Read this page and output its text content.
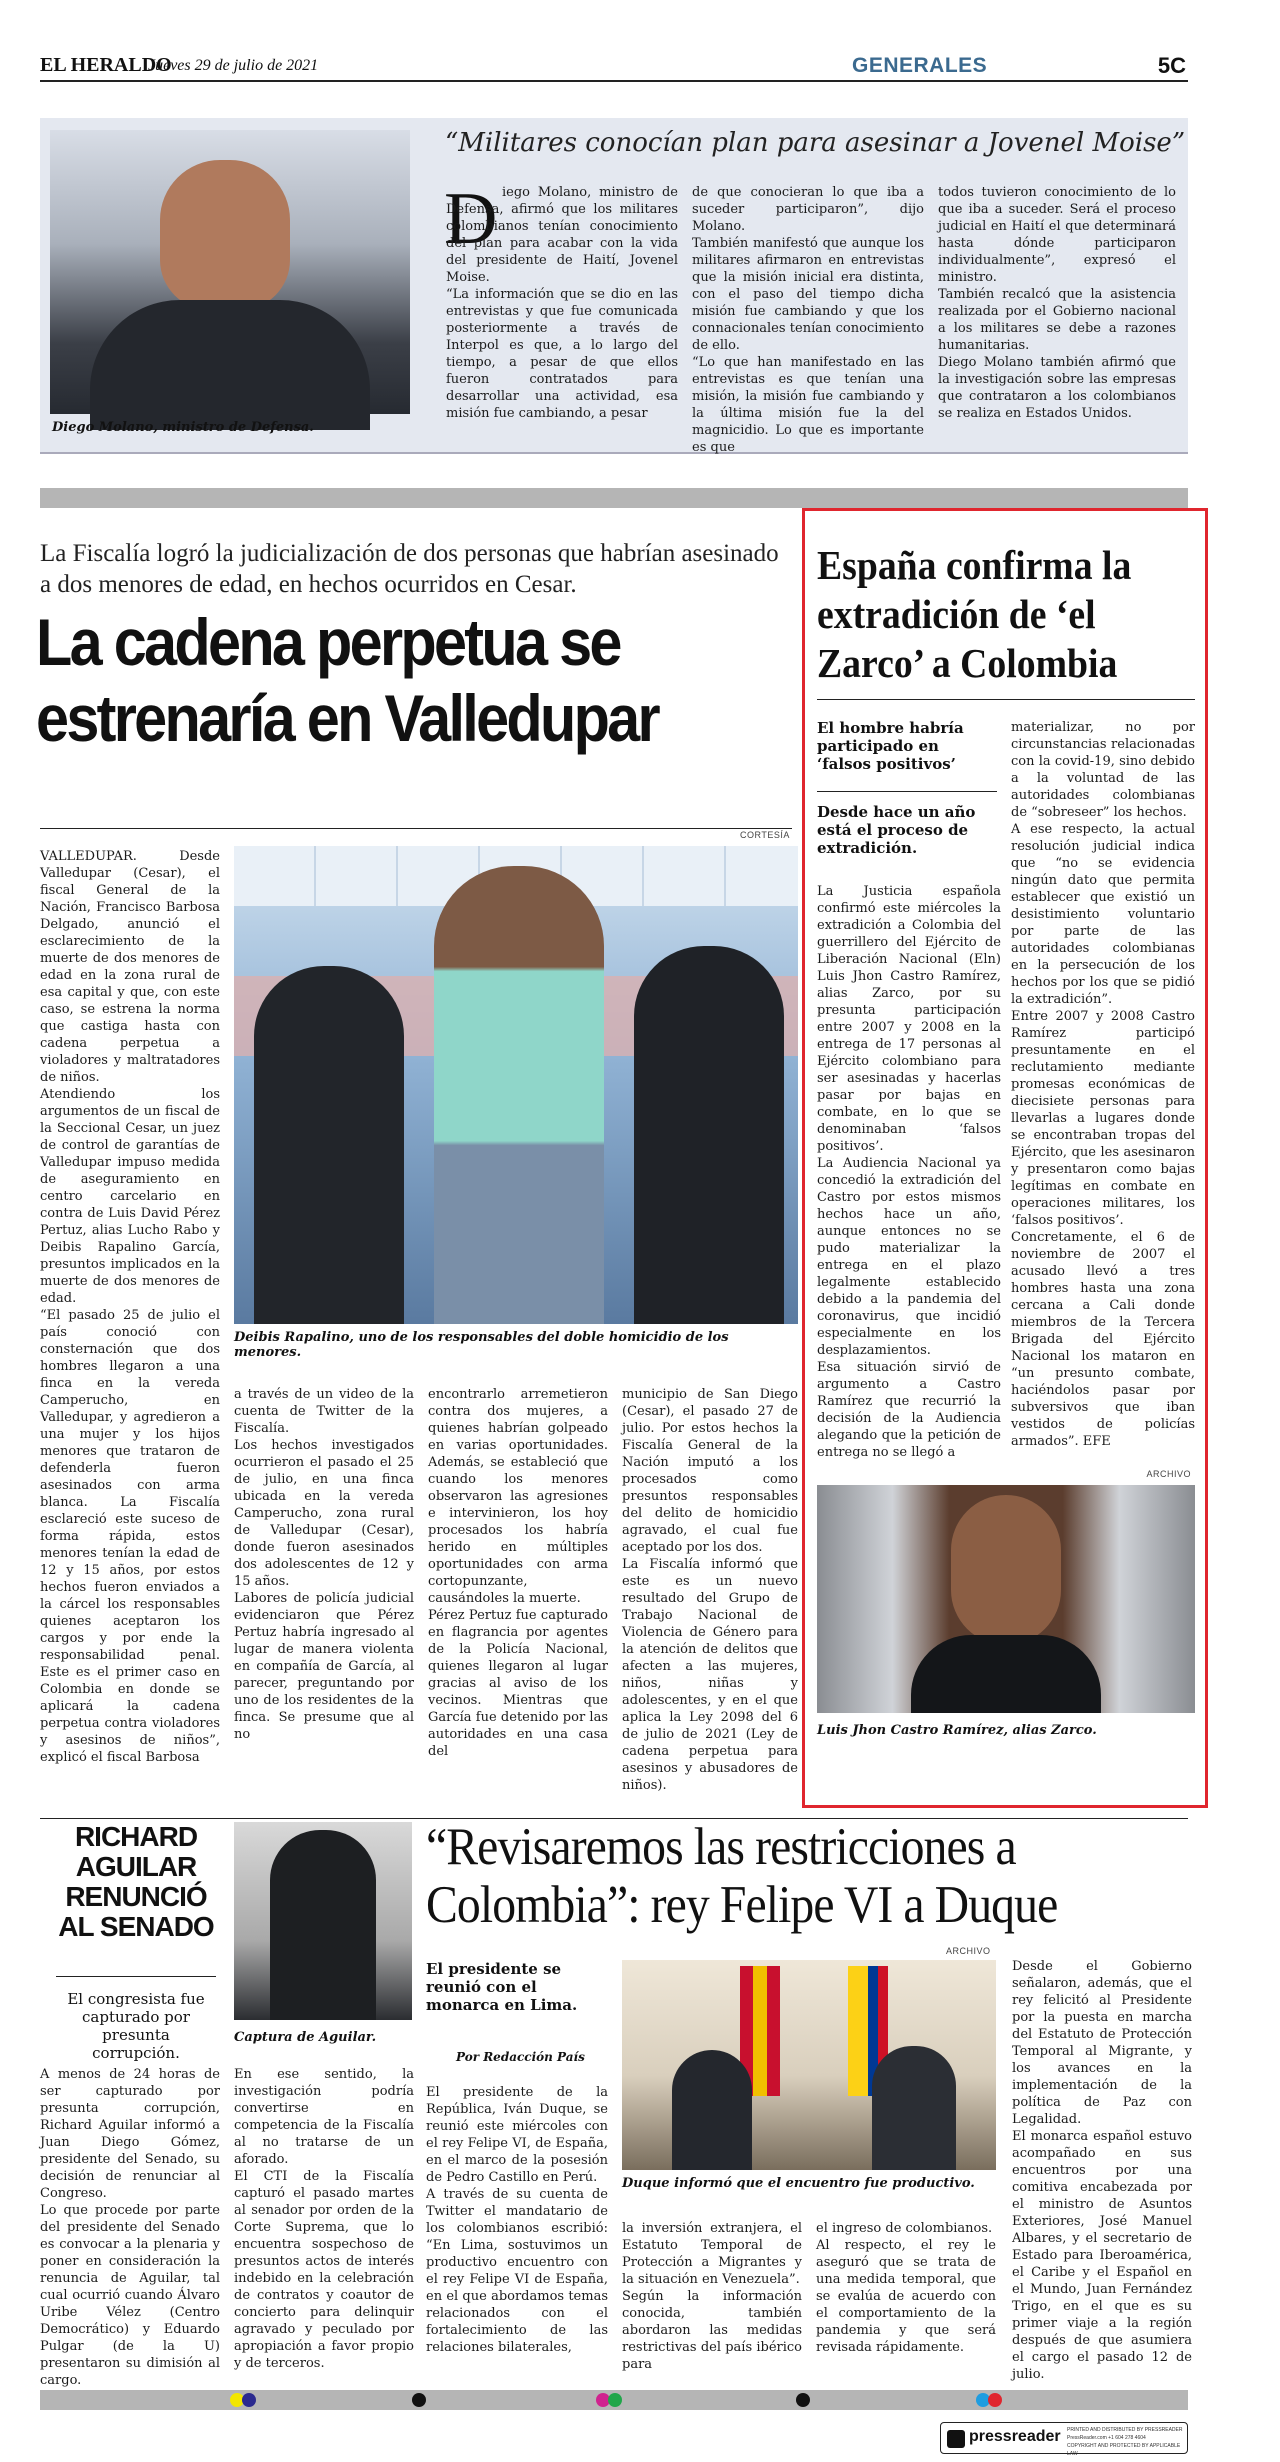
EL HERALDO
Jueves 29 de julio de 2021	GENERALES	5C
Diego Molano, ministro de Defensa.
“Militares conocían plan para asesinar a Jovenel Moise”
D iego Molano, ministro de Defensa, afirmó que los militares colombianos tenían conocimiento del plan para acabar con la vida del presidente de Haití, Jovenel Moise.
“La información que se dio en las entrevistas y que fue comunicada posteriormente a través de Interpol es que, a lo largo del tiempo, a pesar de que ellos fueron contratados para desarrollar una actividad, esa misión fue cambiando, a pesar
de que conocieran lo que iba a suceder participaron”, dijo Molano.
También manifestó que aunque los militares afirmaron en entrevistas que la misión inicial era distinta, con el paso del tiempo dicha misión fue cambiando y que los connacionales tenían conocimiento de ello.
“Lo que han manifestado en las entrevistas es que tenían una misión, la misión fue cambiando y la última misión fue la del magnicidio. Lo que es importante es que
todos tuvieron conocimiento de lo que iba a suceder. Será el proceso judicial en Haití el que determinará hasta dónde participaron individualmente”, expresó el ministro.
También recalcó que la asistencia realizada por el Gobierno nacional a los militares se debe a razones humanitarias.
Diego Molano también afirmó que la investigación sobre las empresas que contrataron a los colombianos se realiza en Estados Unidos.
La Fiscalía logró la judicialización de dos personas que habrían asesinado a dos menores de edad, en hechos ocurridos en Cesar.
La cadena perpetua se
estrenaría en Valledupar
CORTESÍA
Deibis Rapalino, uno de los responsables del doble homicidio de los menores.
VALLEDUPAR. Desde Valledupar (Cesar), el fiscal General de la Nación, Francisco Barbosa Delgado, anunció el esclarecimiento de la muerte de dos menores de edad en la zona rural de esa capital y que, con este caso, se estrena la norma que castiga hasta con cadena perpetua a violadores y maltratadores de niños.
Atendiendo los argumentos de un fiscal de la Seccional Cesar, un juez de control de garantías de Valledupar impuso medida de aseguramiento en centro carcelario en contra de Luis David Pérez Pertuz, alias Lucho Rabo y Deibis Rapalino García, presuntos implicados en la muerte de dos menores de edad.
“El pasado 25 de julio el país conoció con consternación que dos hombres llegaron a una finca en la vereda Camperucho, en Valledupar, y agredieron a una mujer y los hijos menores que trataron de defenderla fueron asesinados con arma blanca. La Fiscalía esclareció este suceso de forma rápida, estos menores tenían la edad de 12 y 15 años, por estos hechos fueron enviados a la cárcel los responsables quienes aceptaron los cargos y por ende la responsabilidad penal. Este es el primer caso en Colombia en donde se aplicará la cadena perpetua contra violadores y asesinos de niños”, explicó el fiscal Barbosa
a través de un video de la cuenta de Twitter de la Fiscalía.
Los hechos investigados ocurrieron el pasado el 25 de julio, en una finca ubicada en la vereda Camperucho, zona rural de Valledupar (Cesar), donde fueron asesinados dos adolescentes de 12 y 15 años.
Labores de policía judicial evidenciaron que Pérez Pertuz habría ingresado al lugar de manera violenta en compañía de García, al parecer, preguntando por uno de los residentes de la finca. Se presume que al no
encontrarlo arremetieron contra dos mujeres, a quienes habrían golpeado en varias oportunidades. Además, se estableció que cuando los menores observaron las agresiones e intervinieron, los hoy procesados los habría herido en múltiples oportunidades con arma cortopunzante, causándoles la muerte.
Pérez Pertuz fue capturado en flagrancia por agentes de la Policía Nacional, quienes llegaron al lugar gracias al aviso de los vecinos. Mientras que García fue detenido por las autoridades en una casa del
municipio de San Diego (Cesar), el pasado 27 de julio. Por estos hechos la Fiscalía General de la Nación imputó a los procesados como presuntos responsables del delito de homicidio agravado, el cual fue aceptado por los dos.
La Fiscalía informó que este es un nuevo resultado del Grupo de Trabajo Nacional de Violencia de Género para la atención de delitos que afecten a las mujeres, niños, niñas y adolescentes, y en el que aplica la Ley 2098 del 6 de julio de 2021 (Ley de cadena perpetua para asesinos y abusadores de niños).
España confirma la extradición de ‘el Zarco’ a Colombia
El hombre habría participado en ‘falsos positivos’
Desde hace un año está el proceso de extradición.
La Justicia española confirmó este miércoles la extradición a Colombia del guerrillero del Ejército de Liberación Nacional (Eln) Luis Jhon Castro Ramírez, alias Zarco, por su presunta participación entre 2007 y 2008 en la entrega de 17 personas al Ejército colombiano para ser asesinadas y hacerlas pasar por bajas en combate, en lo que se denominaban ‘falsos positivos’.
La Audiencia Nacional ya concedió la extradición del Castro por estos mismos hechos hace un año, aunque entonces no se pudo materializar la entrega en el plazo legalmente establecido debido a la pandemia del coronavirus, que incidió especialmente en los desplazamientos.
Esa situación sirvió de argumento a Castro Ramírez que recurrió la decisión de la Audiencia alegando que la petición de entrega no se llegó a
materializar, no por circunstancias relacionadas con la covid-19, sino debido a la voluntad de las autoridades colombianas de “sobreseer” los hechos.
A ese respecto, la actual resolución judicial indica que “no se evidencia ningún dato que permita establecer que existió un desistimiento voluntario por parte de las autoridades colombianas en la persecución de los hechos por los que se pidió la extradición”.
Entre 2007 y 2008 Castro Ramírez participó presuntamente en el reclutamiento mediante promesas económicas de diecisiete personas para llevarlas a lugares donde se encontraban tropas del Ejército, que les asesinaron y presentaron como bajas legítimas en combate en operaciones militares, los ‘falsos positivos’.
Concretamente, el 6 de noviembre de 2007 el acusado llevó a tres hombres hasta una zona cercana a Cali donde miembros de la Tercera Brigada del Ejército Nacional los mataron en “un presunto combate, haciéndolos pasar por subversivos que iban vestidos de policías armados”. EFE
ARCHIVO
Luis Jhon Castro Ramírez, alias Zarco.
RICHARD AGUILAR RENUNCIÓ AL SENADO
El congresista fue capturado por presunta corrupción.
Captura de Aguilar.
A menos de 24 horas de ser capturado por presunta corrupción, Richard Aguilar informó a Juan Diego Gómez, presidente del Senado, su decisión de renunciar al Congreso.
Lo que procede por parte del presidente del Senado es convocar a la plenaria y poner en consideración la renuncia de Aguilar, tal cual ocurrió cuando Álvaro Uribe Vélez (Centro Democrático) y Eduardo Pulgar (de la U) presentaron su dimisión al cargo.
En ese sentido, la investigación podría convertirse en competencia de la Fiscalía al no tratarse de un aforado.
El CTI de la Fiscalía capturó el pasado martes al senador por orden de la Corte Suprema, que lo encuentra sospechoso de presuntos actos de interés indebido en la celebración de contratos y coautor de concierto para delinquir agravado y peculado por apropiación a favor propio y de terceros.
“Revisaremos las restricciones a Colombia”: rey Felipe VI a Duque
El presidente se reunió con el monarca en Lima.
Por Redacción País
ARCHIVO
Duque informó que el encuentro fue productivo.
El presidente de la República, Iván Duque, se reunió este miércoles con el rey Felipe VI, de España, en el marco de la posesión de Pedro Castillo en Perú.
A través de su cuenta de Twitter el mandatario de los colombianos escribió: “En Lima, sostuvimos un productivo encuentro con el rey Felipe VI de España, en el que abordamos temas relacionados con el fortalecimiento de las relaciones bilaterales,
la inversión extranjera, el Estatuto Temporal de Protección a Migrantes y la situación en Venezuela”.
Según la información conocida, también abordaron las medidas restrictivas del país ibérico para
el ingreso de colombianos.
Al respecto, el rey le aseguró que se trata de una medida temporal, que se evalúa de acuerdo con el comportamiento de la pandemia y que será revisada rápidamente.
Desde el Gobierno señalaron, además, que el rey felicitó al Presidente por la puesta en marcha del Estatuto de Protección Temporal al Migrante, y los avances en la implementación de la política de Paz con Legalidad.
El monarca español estuvo acompañado en sus encuentros por una comitiva encabezada por el ministro de Asuntos Exteriores, José Manuel Albares, y el secretario de Estado para Iberoamérica, el Caribe y el Español en el Mundo, Juan Fernández Trigo, en el que es su primer viaje a la región después de que asumiera el cargo el pasado 12 de julio.
pressreader PRINTED AND DISTRIBUTED BY PRESSREADER
PressReader.com +1 604 278 4604
COPYRIGHT AND PROTECTED BY APPLICABLE LAW
